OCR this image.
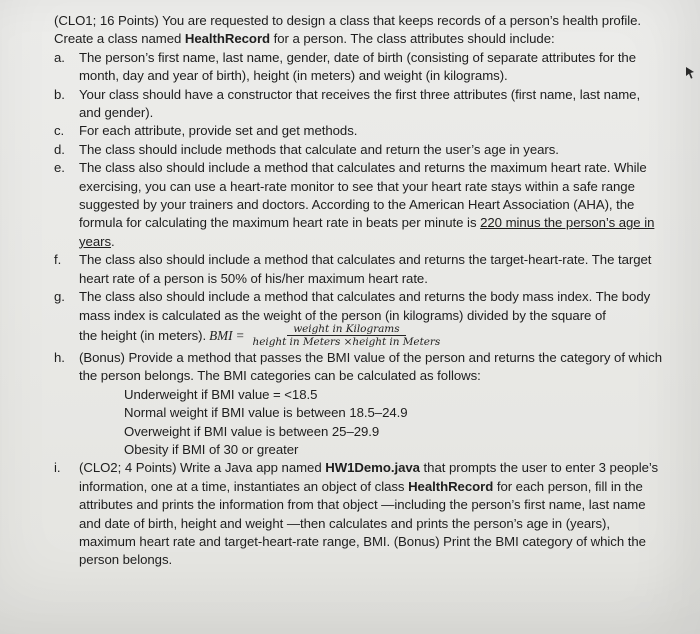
(CLO1; 16 Points) You are requested to design a class that keeps records of a person’s health profile. Create a class named HealthRecord for a person. The class attributes should include:

a.	The person’s first name, last name, gender, date of birth (consisting of separate attributes for the month, day and year of birth), height (in meters) and weight (in kilograms).
b.	Your class should have a constructor that receives the first three attributes (first name, last name, and gender).
c.	For each attribute, provide set and get methods.
d.	The class should include methods that calculate and return the user’s age in years.
e.	The class also should include a method that calculates and returns the maximum heart rate. While exercising, you can use a heart-rate monitor to see that your heart rate stays within a safe range suggested by your trainers and doctors. According to the American Heart Association (AHA), the formula for calculating the maximum heart rate in beats per minute is 220 minus the person’s age in years.
f.	The class also should include a method that calculates and returns the target-heart-rate. The target heart rate of a person is 50% of his/her maximum heart rate.
g.	The class also should include a method that calculates and returns the body mass index. The body mass index is calculated as the weight of the person (in kilograms) divided by the square of
the height (in meters). BMI = $\frac{\text{weight in Kilograms}}{\text{height in Meters ×height in Meters}}$
h.	(Bonus) Provide a method that passes the BMI value of the person and returns the category of which the person belongs. The BMI categories can be calculated as follows:
Underweight if BMI value = <18.5
Normal weight if BMI value is between 18.5–24.9
Overweight if BMI value is between 25–29.9
Obesity if BMI of 30 or greater
i.	(CLO2; 4 Points) Write a Java app named HW1Demo.java that prompts the user to enter 3 people’s information, one at a time, instantiates an object of class HealthRecord for each person, fill in the attributes and prints the information from that object —including the person’s first name, last name and date of birth, height and weight —then calculates and prints the person’s age in (years), maximum heart rate and target-heart-rate range, BMI. (Bonus) Print the BMI category of which the person belongs.
